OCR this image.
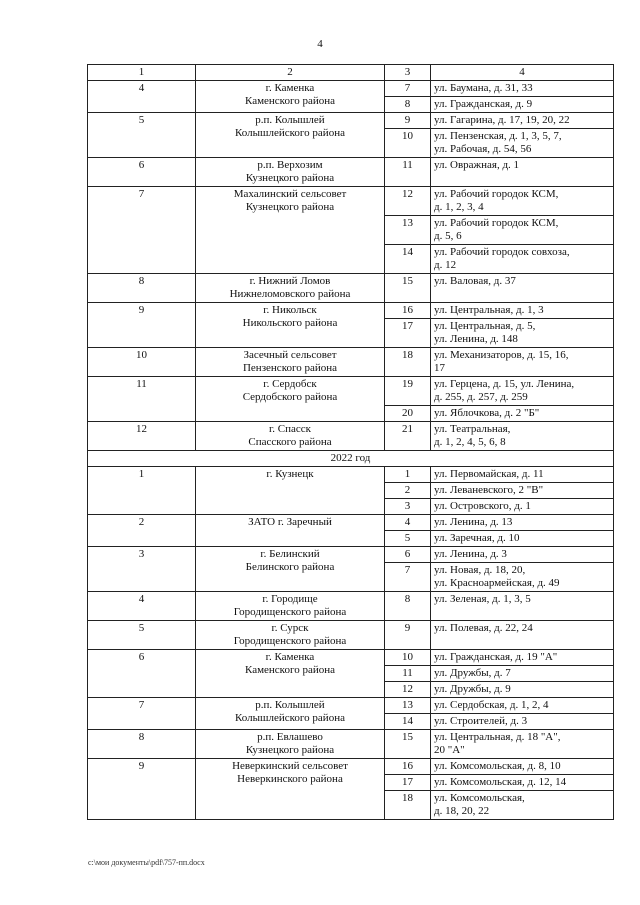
4
1	2	3	4
4	г. Каменка
Каменского района	7	ул. Баумана, д. 31, 33
		8	ул. Гражданская, д. 9
5	р.п. Колышлей
Колышлейского района	9	ул. Гагарина, д. 17, 19, 20, 22
		10	ул. Пензенская, д. 1, 3, 5, 7,
ул. Рабочая, д. 54, 56
6	р.п. Верхозим
Кузнецкого района	11	ул. Овражная, д. 1
7	Махалинский сельсовет
Кузнецкого района	12	ул. Рабочий городок КСМ,
д. 1, 2, 3, 4
		13	ул. Рабочий городок КСМ,
д. 5, 6
		14	ул. Рабочий городок совхоза,
д. 12
8	г. Нижний Ломов
Нижнеломовского района	15	ул. Валовая, д. 37
9	г. Никольск
Никольского района	16	ул. Центральная, д. 1, 3
		17	ул. Центральная, д. 5,
ул. Ленина, д. 148
10	Засечный сельсовет
Пензенского района	18	ул. Механизаторов, д. 15, 16,
17
11	г. Сердобск
Сердобского района	19	ул. Герцена, д. 15, ул. Ленина,
д. 255, д. 257, д. 259
		20	ул. Яблочкова, д. 2 "Б"
12	г. Спасск
Спасского района	21	ул. Театральная,
д. 1, 2, 4, 5, 6, 8
2022 год			
1	г. Кузнецк	1	ул. Первомайская, д. 11
		2	ул. Леваневского, 2 "В"
		3	ул. Островского, д. 1
2	ЗАТО г. Заречный	4	ул. Ленина, д. 13
		5	ул. Заречная, д. 10
3	г. Белинский
Белинского района	6	ул. Ленина, д. 3
		7	ул. Новая, д. 18, 20,
ул. Красноармейская, д. 49
4	г. Городище
Городищенского района	8	ул. Зеленая, д. 1, 3, 5
5	г. Сурск
Городищенского района	9	ул. Полевая, д. 22, 24
6	г. Каменка
Каменского района	10	ул. Гражданская, д. 19 "А"
		11	ул. Дружбы, д. 7
		12	ул. Дружбы, д. 9
7	р.п. Колышлей
Колышлейского района	13	ул. Сердобская, д. 1, 2, 4
		14	ул. Строителей, д. 3
8	р.п. Евлашево
Кузнецкого района	15	ул. Центральная, д. 18 "А",
20 "А"
9	Неверкинский сельсовет
Неверкинского района	16	ул. Комсомольская, д. 8, 10
		17	ул. Комсомольская, д. 12, 14
		18	ул. Комсомольская,
д. 18, 20, 22
c:\мои документы\pdf\757-пп.docx
